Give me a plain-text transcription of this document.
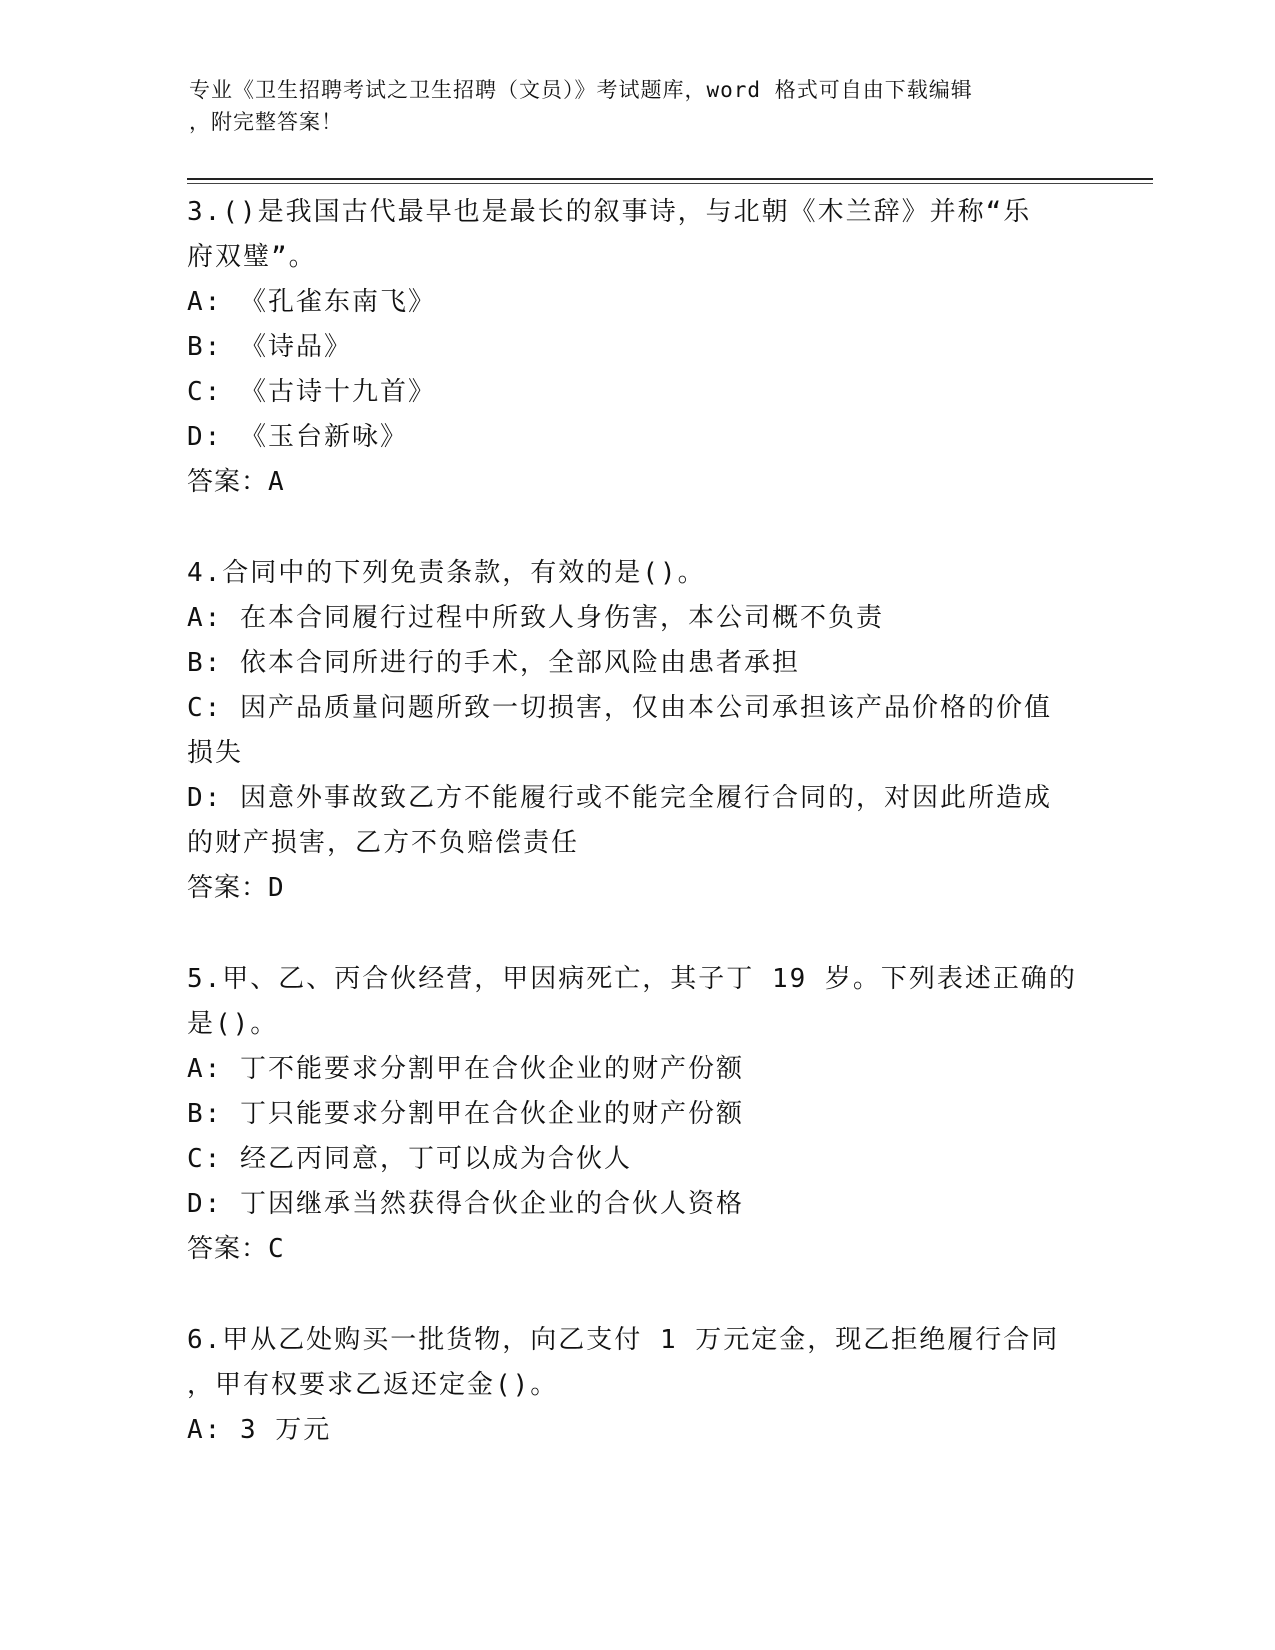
专业《卫生招聘考试之卫生招聘（文员）》考试题库，word 格式可自由下载编辑
，附完整答案！
3.()是我国古代最早也是最长的叙事诗，与北朝《木兰辞》并称“乐
府双璧”。
A: 《孔雀东南飞》
B: 《诗品》
C: 《古诗十九首》
D: 《玉台新咏》
答案：A
4.合同中的下列免责条款，有效的是()。
A: 在本合同履行过程中所致人身伤害，本公司概不负责
B: 依本合同所进行的手术，全部风险由患者承担
C: 因产品质量问题所致一切损害，仅由本公司承担该产品价格的价值
损失
D: 因意外事故致乙方不能履行或不能完全履行合同的，对因此所造成
的财产损害，乙方不负赔偿责任
答案：D
5.甲、乙、丙合伙经营，甲因病死亡，其子丁 19 岁。下列表述正确的
是()。
A: 丁不能要求分割甲在合伙企业的财产份额
B: 丁只能要求分割甲在合伙企业的财产份额
C: 经乙丙同意，丁可以成为合伙人
D: 丁因继承当然获得合伙企业的合伙人资格
答案：C
6.甲从乙处购买一批货物，向乙支付 1 万元定金，现乙拒绝履行合同
，甲有权要求乙返还定金()。
A: 3 万元
